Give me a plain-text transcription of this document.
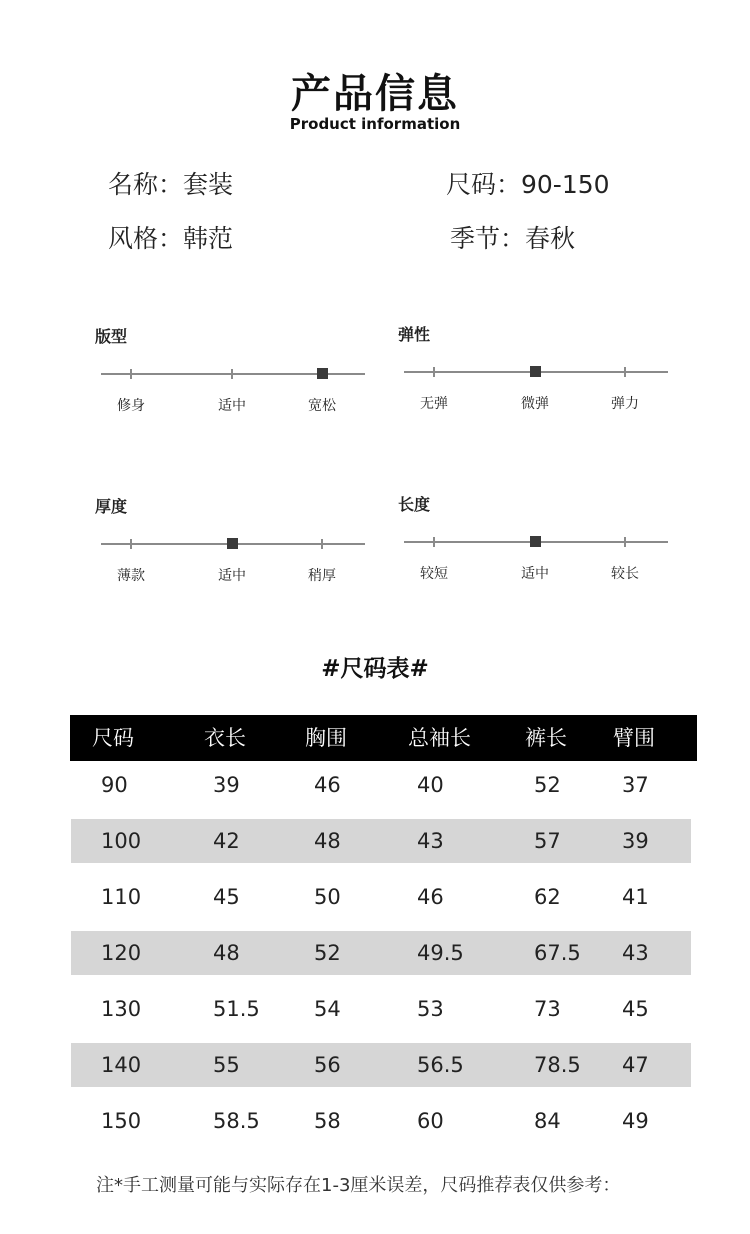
产品信息
Product information
名称：套装	尺码：90-150
风格：韩范	季节：春秋
版型
修身	适中	宽松
弹性
无弹	微弹	弹力
厚度
薄款	适中	稍厚
长度
较短	适中	较长
#尺码表#
尺码	衣长	胸围	总袖长	裤长 臂围
90	39	46	40	52	37
100	42	48	43	57	39
110	45	50	46	62	41
120	48	52	49.5	67.5 43
130	51.5	54	53	73	45
140	55	56	56.5	78.5 47
150	58.5	58	60	84	49
注*手工测量可能与实际存在1-3厘米误差，尺码推荐表仅供参考：
